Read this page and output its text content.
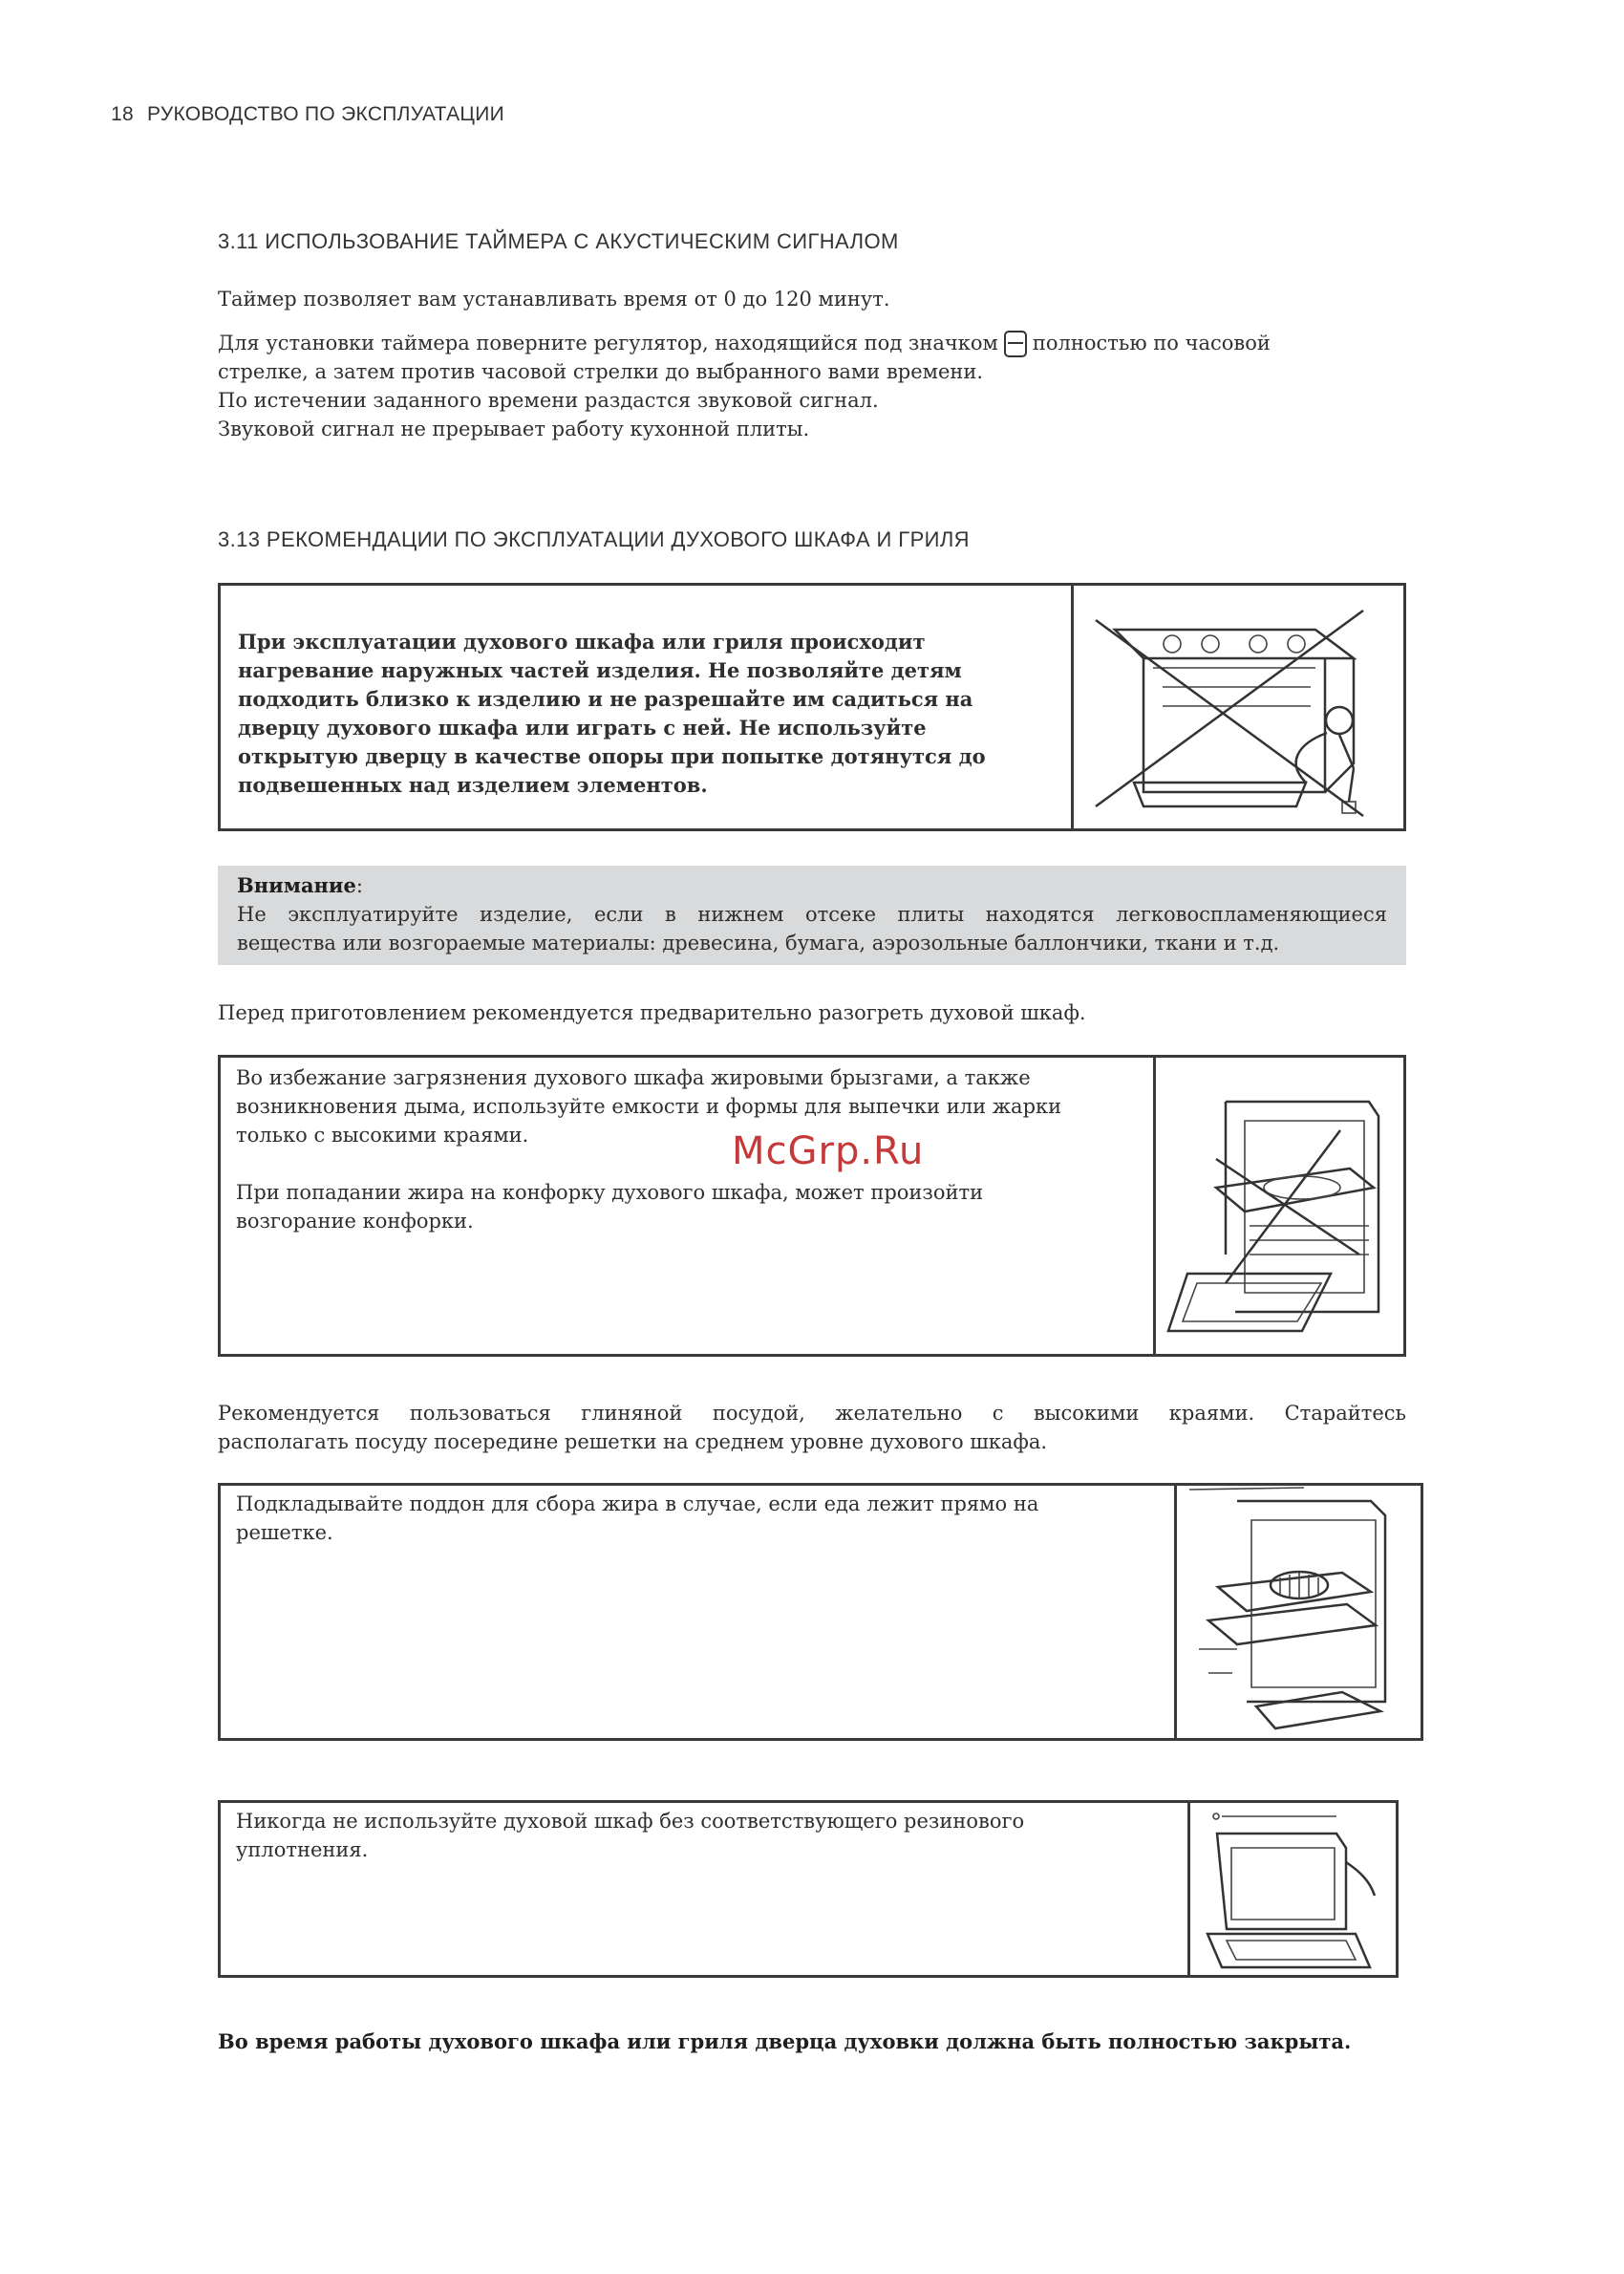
18 РУКОВОДСТВО ПО ЭКСПЛУАТАЦИИ
3.11 ИСПОЛЬЗОВАНИЕ ТАЙМЕРА С АКУСТИЧЕСКИМ СИГНАЛОМ

Таймер позволяет вам устанавливать время от 0 до 120 минут.

Для установки таймера поверните регулятор, находящийся под значком полностью по часовой

стрелке, а затем против часовой стрелки до выбранного вами времени.

По истечении заданного времени раздастся звуковой сигнал.

Звуковой сигнал не прерывает работу кухонной плиты.

3.13 РЕКОМЕНДАЦИИ ПО ЭКСПЛУАТАЦИИ ДУХОВОГО ШКАФА И ГРИЛЯ

При эксплуатации духового шкафа или гриля происходит

нагревание наружных частей изделия. Не позволяйте детям

подходить близко к изделию и не разрешайте им садиться на

дверцу духового шкафа или играть с ней. Не используйте

открытую дверцу в качестве опоры при попытке дотянутся до

подвешенных над изделием элементов.

Внимание:

Не эксплуатируйте изделие, если в нижнем отсеке плиты находятся легковоспламеняющиеся

вещества или возгораемые материалы: древесина, бумага, аэрозольные баллончики, ткани и т.д.

Перед приготовлением рекомендуется предварительно разогреть духовой шкаф.

Во избежание загрязнения духового шкафа жировыми брызгами, а также

возникновения дыма, используйте емкости и формы для выпечки или жарки

только с высокими краями.

При попадании жира на конфорку духового шкафа, может произойти

возгорание конфорки.

Рекомендуется пользоваться глиняной посудой, желательно с высокими краями. Старайтесь

располагать посуду посередине решетки на среднем уровне духового шкафа.

Подкладывайте поддон для сбора жира в случае, если еда лежит прямо на

решетке.

Никогда не используйте духовой шкаф без соответствующего резинового

уплотнения.

Во время работы духового шкафа или гриля дверца духовки должна быть полностью закрыта.

McGrp.Ru
